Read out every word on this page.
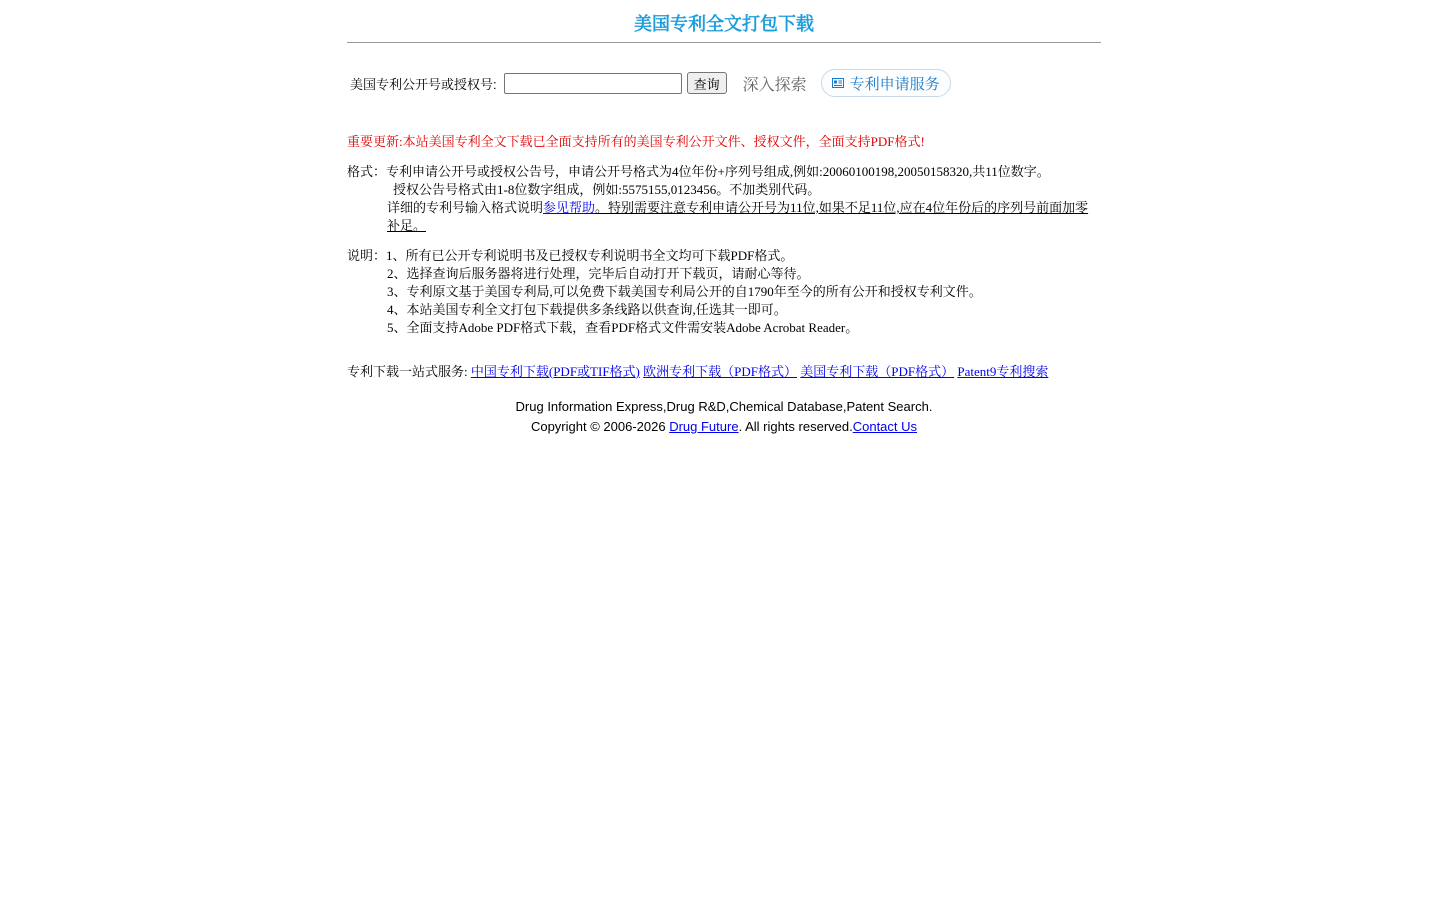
美国专利全文打包下载
美国专利公开号或授权号:	查询	深入探索	专利申请服务
重要更新:本站美国专利全文下载已全面支持所有的美国专利公开文件、授权文件，全面支持PDF格式!
格式：专利申请公开号或授权公告号，申请公开号格式为4位年份+序列号组成,例如:20060100198,20050158320,共11位数字。
授权公告号格式由1-8位数字组成，例如:5575155,0123456。不加类别代码。
详细的专利号输入格式说明参见帮助。特别需要注意专利申请公开号为11位,如果不足11位,应在4位年份后的序列号前面加零补足。
说明：1、所有已公开专利说明书及已授权专利说明书全文均可下载PDF格式。
2、选择查询后服务器将进行处理，完毕后自动打开下载页，请耐心等待。
3、专利原文基于美国专利局,可以免费下载美国专利局公开的自1790年至今的所有公开和授权专利文件。
4、本站美国专利全文打包下载提供多条线路以供查询,任选其一即可。
5、全面支持Adobe PDF格式下载，查看PDF格式文件需安装Adobe Acrobat Reader。
专利下载一站式服务: 中国专利下载(PDF或TIF格式) 欧洲专利下载（PDF格式） 美国专利下载（PDF格式） Patent9专利搜索
Drug Information Express,Drug R&D,Chemical Database,Patent Search.
Copyright © 2006-2026 Drug Future. All rights reserved.Contact Us
